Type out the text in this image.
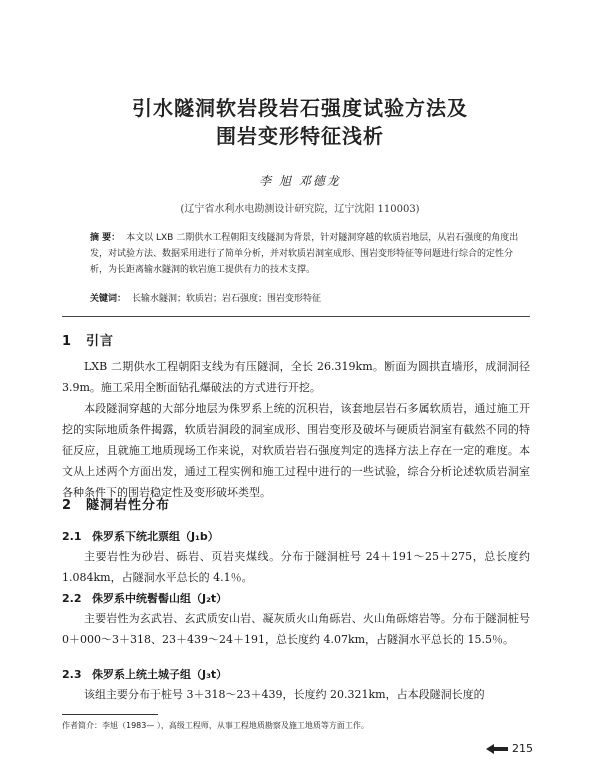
引水隧洞软岩段岩石强度试验方法及
围岩变形特征浅析
李 旭 邓德龙
(辽宁省水利水电勘测设计研究院，辽宁沈阳 110003)
摘 要： 本文以 LXB 二期供水工程朝阳支线隧洞为背景，针对隧洞穿越的软质岩地层，从岩石强度的角度出发，对试验方法、数据采用进行了简单分析，并对软质岩洞室成形、围岩变形特征等问题进行综合的定性分析，为长距离输水隧洞的软岩施工提供有力的技术支撑。
关键词： 长输水隧洞；软质岩；岩石强度；围岩变形特征
1 引言
LXB 二期供水工程朝阳支线为有压隧洞，全长 26.319km。断面为圆拱直墙形，成洞洞径 3.9m。施工采用全断面钻孔爆破法的方式进行开挖。
本段隧洞穿越的大部分地层为侏罗系上统的沉积岩，该套地层岩石多属软质岩，通过施工开挖的实际地质条件揭露，软质岩洞段的洞室成形、围岩变形及破坏与硬质岩洞室有截然不同的特征反应，且就施工地质现场工作来说，对软质岩岩石强度判定的选择方法上存在一定的难度。本文从上述两个方面出发，通过工程实例和施工过程中进行的一些试验，综合分析论述软质岩洞室各种条件下的围岩稳定性及变形破坏类型。
2 隧洞岩性分布
2.1 侏罗系下统北票组（J₁b）
主要岩性为砂岩、砾岩、页岩夹煤线。分布于隧洞桩号 24＋191～25＋275，总长度约 1.084km，占隧洞水平总长的 4.1％。
2.2 侏罗系中统髫髻山组（J₂t）
主要岩性为玄武岩、玄武质安山岩、凝灰质火山角砾岩、火山角砾熔岩等。分布于隧洞桩号 0＋000～3＋318、23＋439～24＋191，总长度约 4.07km，占隧洞水平总长的 15.5％。
2.3 侏罗系上统土城子组（J₃t）
该组主要分布于桩号 3＋318～23＋439，长度约 20.321km，占本段隧洞长度的
作者简介：李旭（1983— ），高级工程师，从事工程地质勘察及施工地质等方面工作。
215
